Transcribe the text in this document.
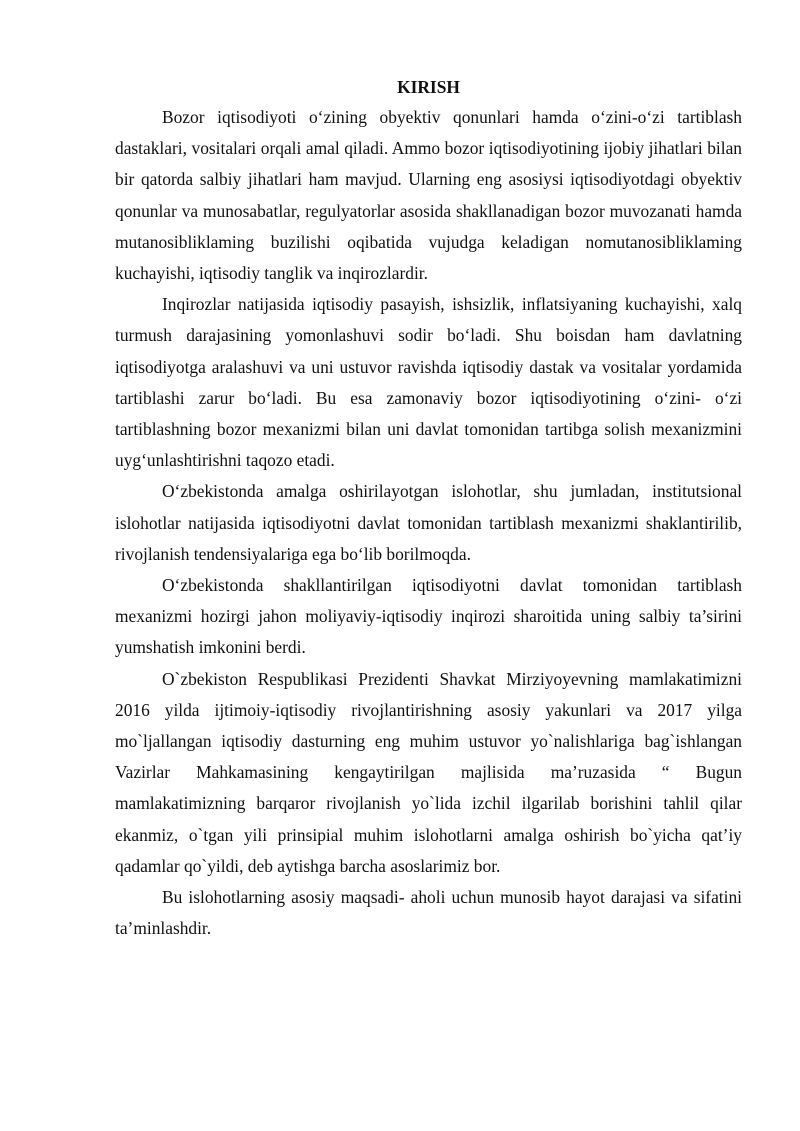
KIRISH

Bozor iqtisodiyoti o‘zining obyektiv qonunlari hamda o‘zini-o‘zi tartiblash dastaklari, vositalari orqali amal qiladi. Ammo bozor iqtisodiyotining ijobiy jihatlari bilan bir qatorda salbiy jihatlari ham mavjud. Ularning eng asosiysi iqtisodiyotdagi obyektiv qonunlar va munosabatlar, regulyatorlar asosida shakllanadigan bozor muvozanati hamda mutanosibliklaming buzilishi oqibatida vujudga keladigan nomutanosibliklaming kuchayishi, iqtisodiy tanglik va inqirozlardir.

Inqirozlar natijasida iqtisodiy pasayish, ishsizlik, inflatsiyaning kuchayishi, xalq turmush darajasining yomonlashuvi sodir bo‘ladi. Shu boisdan ham davlatning iqtisodiyotga aralashuvi va uni ustuvor ravishda iqtisodiy dastak va vositalar yordamida tartiblashi zarur bo‘ladi. Bu esa zamonaviy bozor iqtisodiyotining o‘zini- o‘zi tartiblashning bozor mexanizmi bilan uni davlat tomonidan tartibga solish mexanizmini uyg‘unlashtirishni taqozo etadi.

O‘zbekistonda amalga oshirilayotgan islohotlar, shu jumladan, institutsional islohotlar natijasida iqtisodiyotni davlat tomonidan tartiblash mexanizmi shaklantirilib, rivojlanish tendensiyalariga ega bo‘lib borilmoqda.

O‘zbekistonda shakllantirilgan iqtisodiyotni davlat tomonidan tartiblash mexanizmi hozirgi jahon moliyaviy-iqtisodiy inqirozi sharoitida uning salbiy ta’sirini yumshatish imkonini berdi.

O`zbekiston Respublikasi Prezidenti Shavkat Mirziyoyevning mamlakatimizni 2016 yilda ijtimoiy-iqtisodiy rivojlantirishning asosiy yakunlari va 2017 yilga mo`ljallangan iqtisodiy dasturning eng muhim ustuvor yo`nalishlariga bag`ishlangan Vazirlar Mahkamasining kengaytirilgan majlisida ma’ruzasida “ Bugun mamlakatimizning barqaror rivojlanish yo`lida izchil ilgarilab borishini tahlil qilar ekanmiz, o`tgan yili prinsipial muhim islohotlarni amalga oshirish bo`yicha qat’iy qadamlar qo`yildi, deb aytishga barcha asoslarimiz bor.

Bu islohotlarning asosiy maqsadi- aholi uchun munosib hayot darajasi va sifatini ta’minlashdir.
